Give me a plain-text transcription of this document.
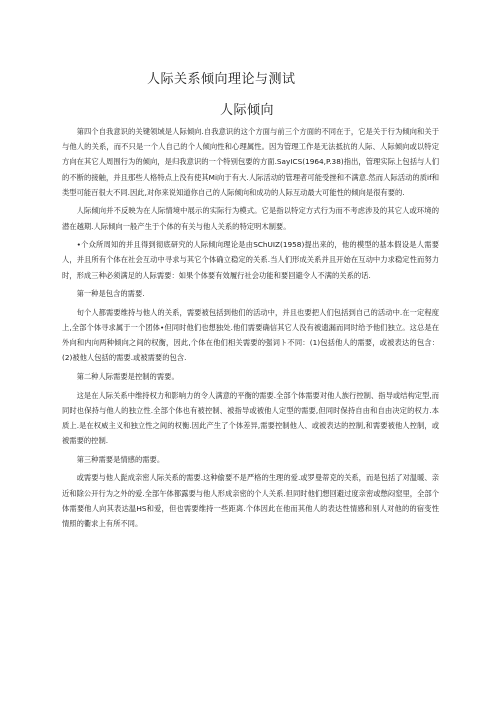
人际关系倾向理论与测试
人际倾向

第四个自我意识的关键领域是人际倾向.自我意识的这个方面与前三个方面的不同在于，它是关于行为倾向和关于与他人的关系，而不只是一个人自己的个人倾向性和心理属性。因为管理工作是无法抵抗的人际、人际倾向或以特定方向在其它人周围行为的倾向，是归我意识的一个特别包要的方面.SayICS(1964,P.38)指出，管理实际上包括与人们的不断的接触，并且那些人格特点上没有使其Mi向于有大.人际活动的管理者可能受挫和不满意.然而人际活动的质if和类型可能百很大不同.因此,对你来说知道你自己的人际倾向和成功的人际互动最大可能性的倾向是很有要的.

人际倾向并不反映为在人际情境中展示的实际行为模式。它是指以特定方式行为而不考虑涉及的其它人或环境的潜在越期.人际倾向一般产生于个体的有关与他人关系的特定明木制要。

•个众所周知的并且得到彻底研究的人际倾向理论是由SChUIZ(1958)提出来的，他的模型的基本假设是人需要人，并且所有个体在社会互动中寻求与其它个体确立稳定的关系.当人们形成关系并且开始在互动中力求稳定性而努力时，形成三种必须满足的人际需要：如果个体要有效履行社会功能和要回避令人不满的关系的话.

第一种是包含的需要.

旬个人都需要维持与他人的关系，需要被包括到他们的活动中，并且也要把人们包括到自己的活动中.在一定程度上,全部个体寻求属于一个团体•但同时他们也想独处.他们需要确信其它人没有被遗漏而同时给予他们独立。这总是在外向和内向两种倾向之间的权衡，因此,个体在他们相关需要的强词ト不同：(1)包括他人的需要，或被表达的包含：(2)被他人包括的需要.或被需要的包含.

第二种人际需要是控制的需要。

这是在人际关系中维持权力和影响力的令人满意的平衡的需要.全部个体需要对他人族行控制、指导或结构定型,而同时也保持与他人的独立性.全部个体也有被控制、被指导或被他人定型的需要,但同时保持自由和自由决定的权力.本质上.是在权威主义和独立性之间的权衡.因此产生了个体差异,需要控制他人、或被表达的控制,和需要被他人控制，或被需要的控制.

第三种需要是情感的需要。

或需要与他人髭成亲密人际关系的需要.这种偷要不是严格的生理的爱.或罗曼蒂克的关系，而是包括了对温暖、亲近和除公开行为之外的爱.全部午体都露要与他人形成亲密的个人关系.但同时他们想回避过度亲密或憋闷窒里，全部个体需要他人向其表达温HS和爱，但也需要维持一些距离.个体因此在他而其他人的表达性情感和别人对他的的宿变性情照的衢求上有所不同。
